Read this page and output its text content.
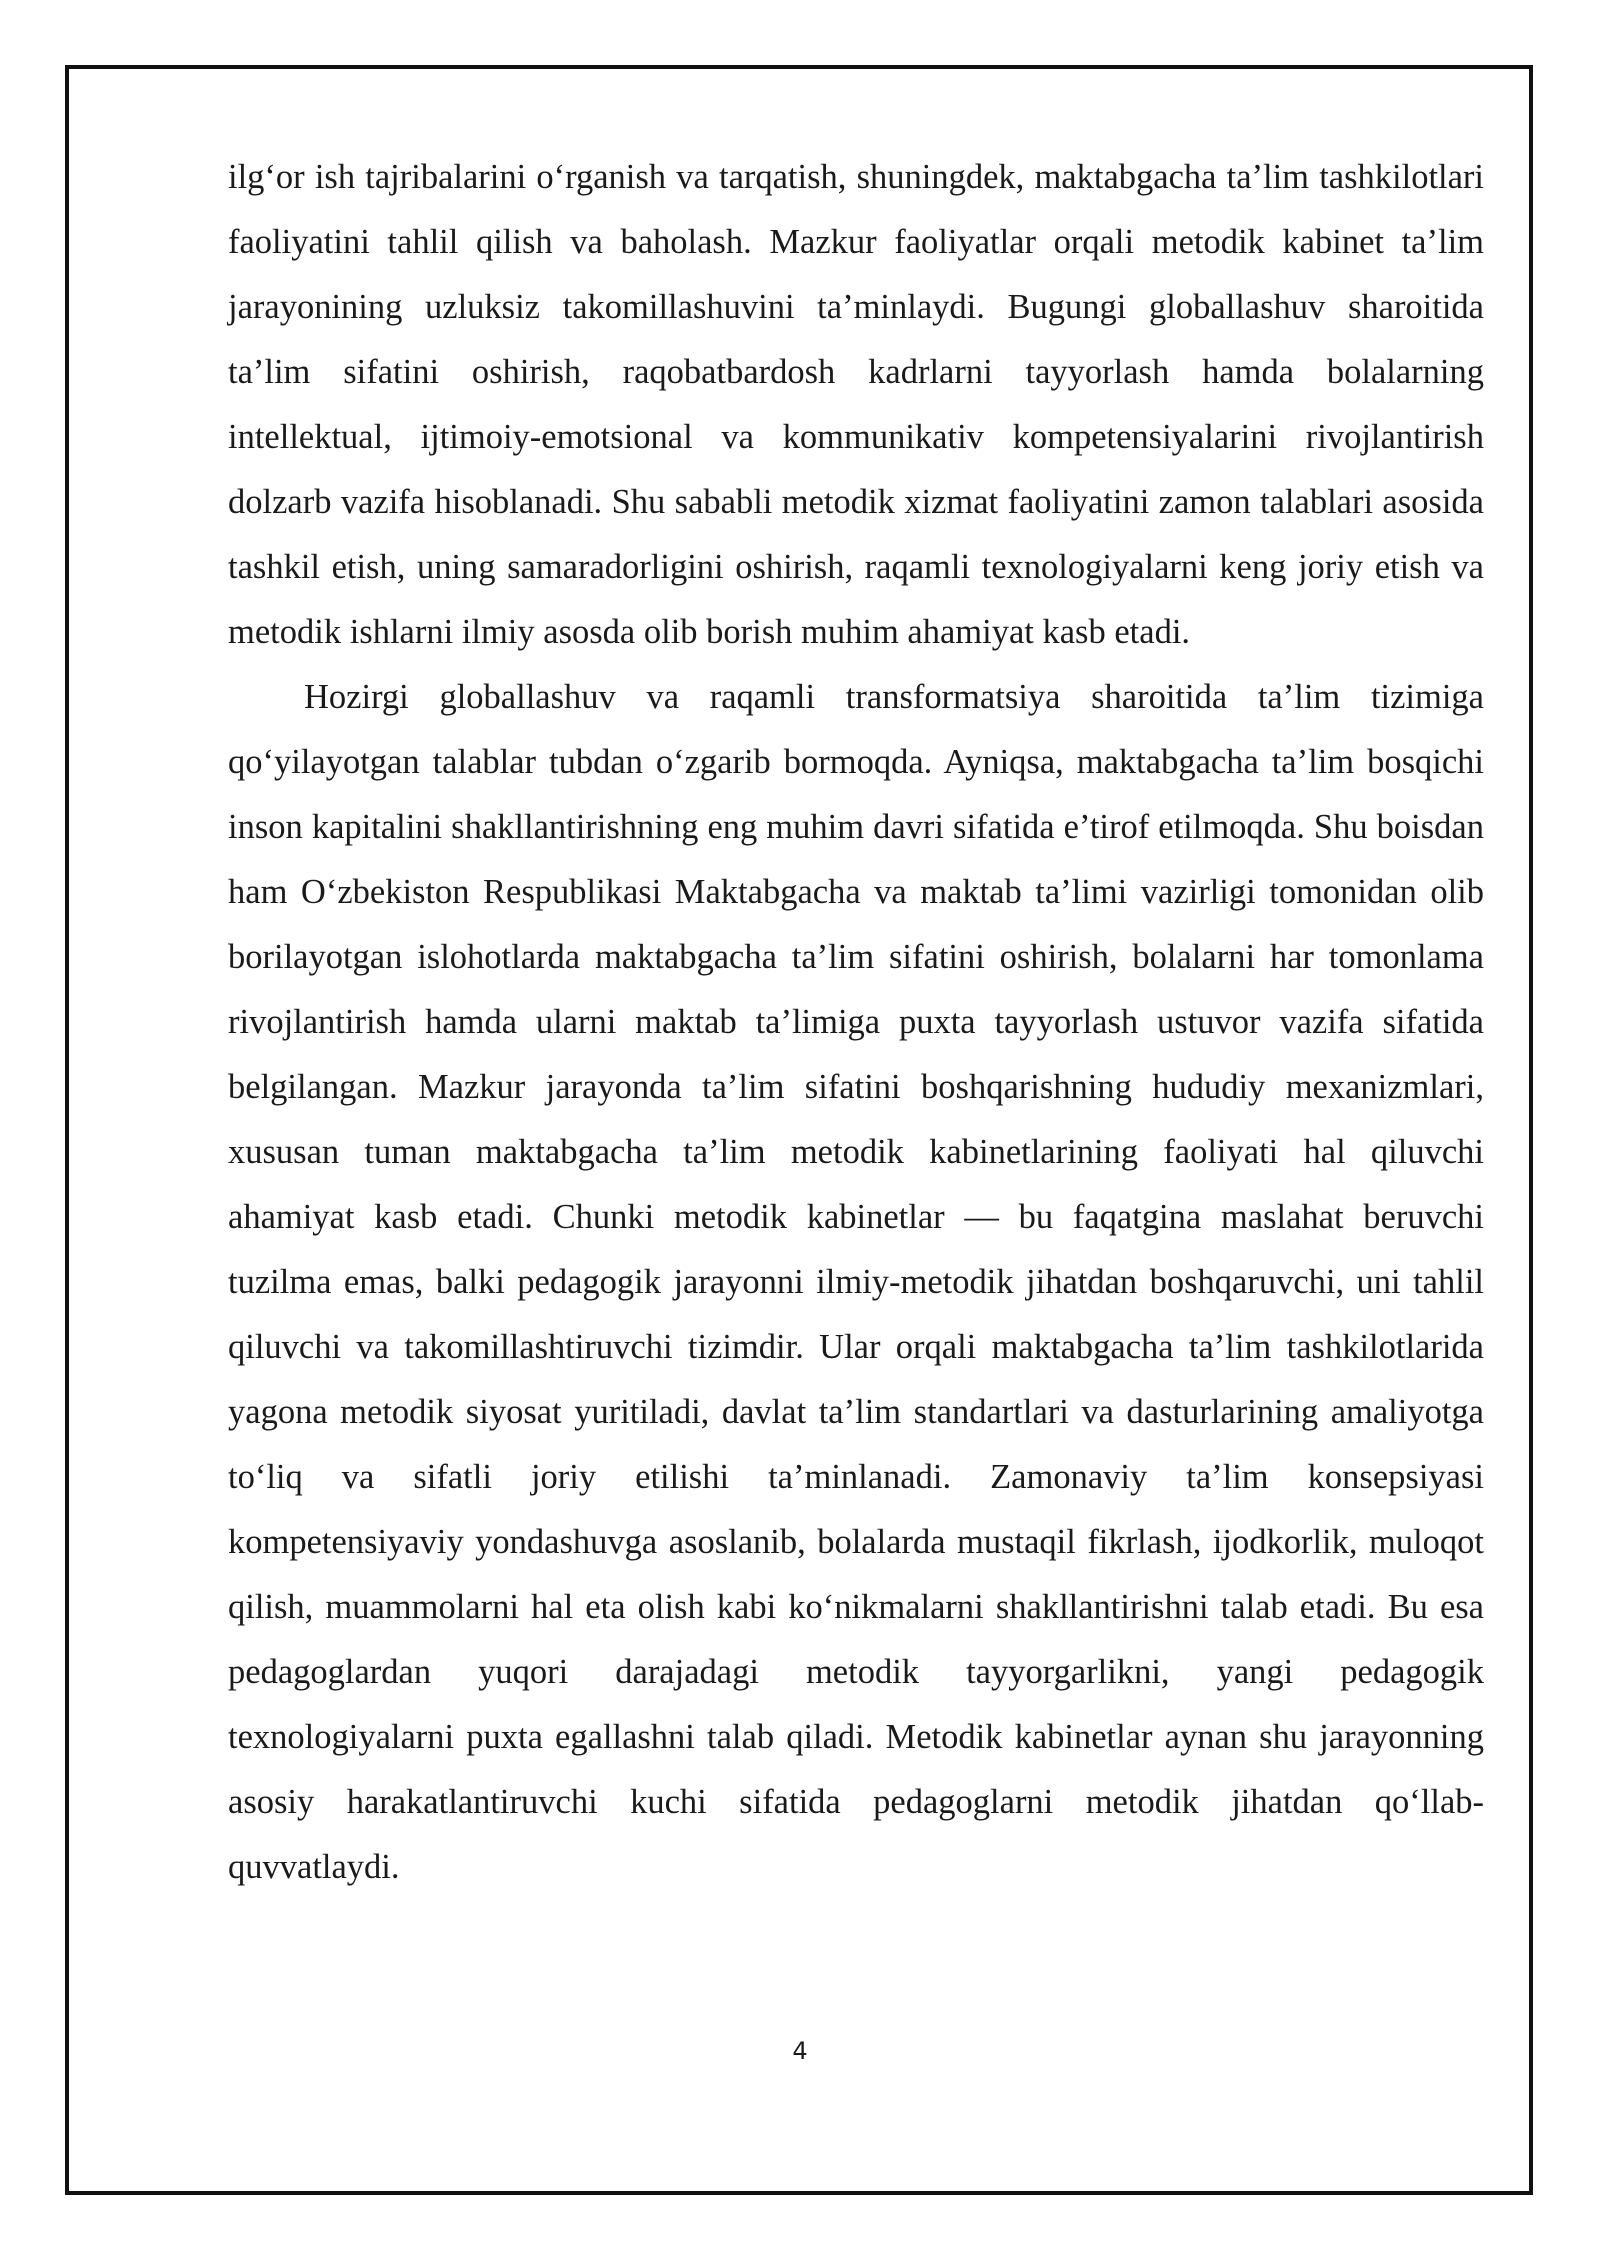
ilg‘or ish tajribalarini o‘rganish va tarqatish, shuningdek, maktabgacha ta’lim tashkilotlari faoliyatini tahlil qilish va baholash. Mazkur faoliyatlar orqali metodik kabinet ta’lim jarayonining uzluksiz takomillashuvini ta’minlaydi. Bugungi globallashuv sharoitida ta’lim sifatini oshirish, raqobatbardosh kadrlarni tayyorlash hamda bolalarning intellektual, ijtimoiy-emotsional va kommunikativ kompetensiyalarini rivojlantirish dolzarb vazifa hisoblanadi. Shu sababli metodik xizmat faoliyatini zamon talablari asosida tashkil etish, uning samaradorligini oshirish, raqamli texnologiyalarni keng joriy etish va metodik ishlarni ilmiy asosda olib borish muhim ahamiyat kasb etadi.

Hozirgi globallashuv va raqamli transformatsiya sharoitida ta’lim tizimiga qo‘yilayotgan talablar tubdan o‘zgarib bormoqda. Ayniqsa, maktabgacha ta’lim bosqichi inson kapitalini shakllantirishning eng muhim davri sifatida e’tirof etilmoqda. Shu boisdan ham O‘zbekiston Respublikasi Maktabgacha va maktab ta’limi vazirligi tomonidan olib borilayotgan islohotlarda maktabgacha ta’lim sifatini oshirish, bolalarni har tomonlama rivojlantirish hamda ularni maktab ta’limiga puxta tayyorlash ustuvor vazifa sifatida belgilangan. Mazkur jarayonda ta’lim sifatini boshqarishning hududiy mexanizmlari, xususan tuman maktabgacha ta’lim metodik kabinetlarining faoliyati hal qiluvchi ahamiyat kasb etadi. Chunki metodik kabinetlar — bu faqatgina maslahat beruvchi tuzilma emas, balki pedagogik jarayonni ilmiy-metodik jihatdan boshqaruvchi, uni tahlil qiluvchi va takomillashtiruvchi tizimdir. Ular orqali maktabgacha ta’lim tashkilotlarida yagona metodik siyosat yuritiladi, davlat ta’lim standartlari va dasturlarining amaliyotga to‘liq va sifatli joriy etilishi ta’minlanadi. Zamonaviy ta’lim konsepsiyasi kompetensiyaviy yondashuvga asoslanib, bolalarda mustaqil fikrlash, ijodkorlik, muloqot qilish, muammolarni hal eta olish kabi ko‘nikmalarni shakllantirishni talab etadi. Bu esa pedagoglardan yuqori darajadagi metodik tayyorgarlikni, yangi pedagogik texnologiyalarni puxta egallashni talab qiladi. Metodik kabinetlar aynan shu jarayonning asosiy harakatlantiruvchi kuchi sifatida pedagoglarni metodik jihatdan qo‘llab-quvvatlaydi.

4
